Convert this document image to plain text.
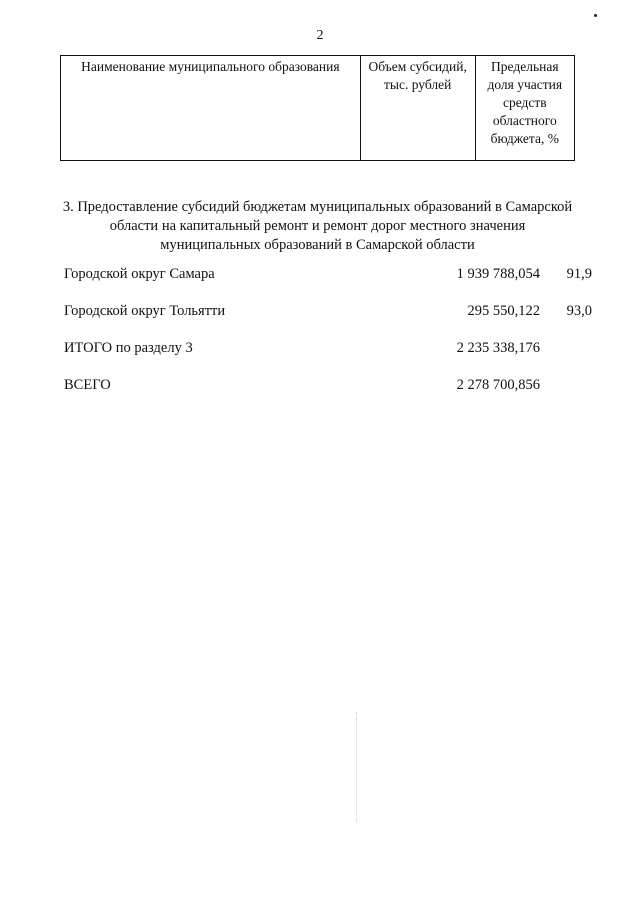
2
Наименование муниципального образования	Объем субсидий, тыс. рублей	Предельная доля участия средств областного бюджета, %
3. Предоставление субсидий бюджетам муниципальных образований в Самарской области на капитальный ремонт и ремонт дорог местного значения муниципальных образований в Самарской области
Городской округ Самара	1 939 788,054	91,9
Городской округ Тольятти	295 550,122	93,0
ИТОГО по разделу 3	2 235 338,176
ВСЕГО	2 278 700,856
